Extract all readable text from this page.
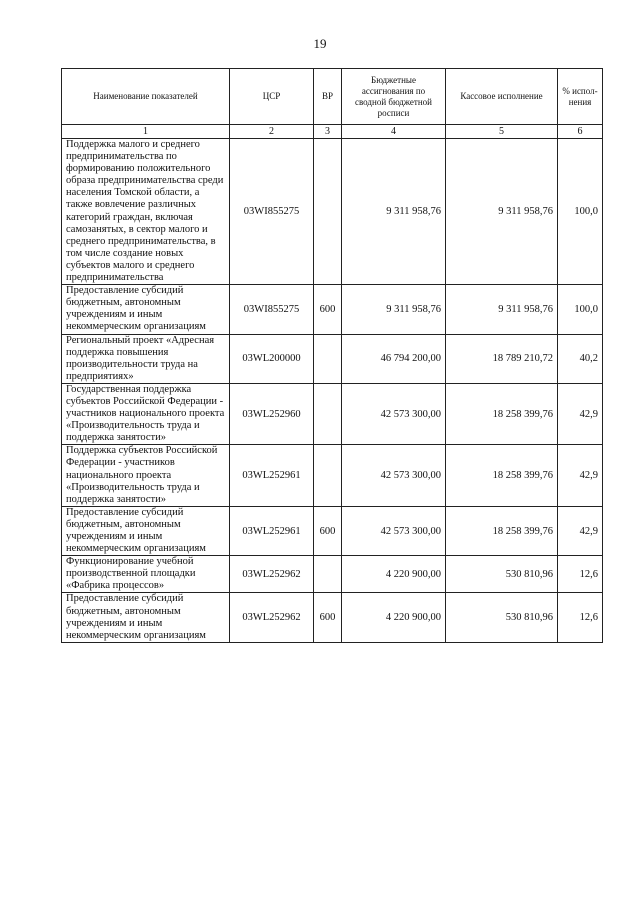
19
Наименование показателей	ЦСР	ВР	Бюджетные ассигнования по сводной бюджетной росписи	Кассовое исполнение	% испол- нения
1	2	3	4	5	6
Поддержка малого и среднего предпринимательства по формированию положительного образа предпринимательства среди населения Томской области, а также вовлечение различных категорий граждан, включая самозанятых, в сектор малого и среднего предпринимательства, в том числе создание новых субъектов малого и среднего предпринимательства	03WI855275		9 311 958,76	9 311 958,76	100,0
Предоставление субсидий бюджетным, автономным учреждениям и иным некоммерческим организациям	03WI855275	600	9 311 958,76	9 311 958,76	100,0
Региональный проект «Адресная поддержка повышения производительности труда на предприятиях»	03WL200000		46 794 200,00	18 789 210,72	40,2
Государственная поддержка субъектов Российской Федерации - участников национального проекта «Производительность труда и поддержка занятости»	03WL252960		42 573 300,00	18 258 399,76	42,9
Поддержка субъектов Российской Федерации - участников национального проекта «Производительность труда и поддержка занятости»	03WL252961		42 573 300,00	18 258 399,76	42,9
Предоставление субсидий бюджетным, автономным учреждениям и иным некоммерческим организациям	03WL252961	600	42 573 300,00	18 258 399,76	42,9
Функционирование учебной производственной площадки «Фабрика процессов»	03WL252962		4 220 900,00	530 810,96	12,6
Предоставление субсидий бюджетным, автономным учреждениям и иным некоммерческим организациям	03WL252962	600	4 220 900,00	530 810,96	12,6
